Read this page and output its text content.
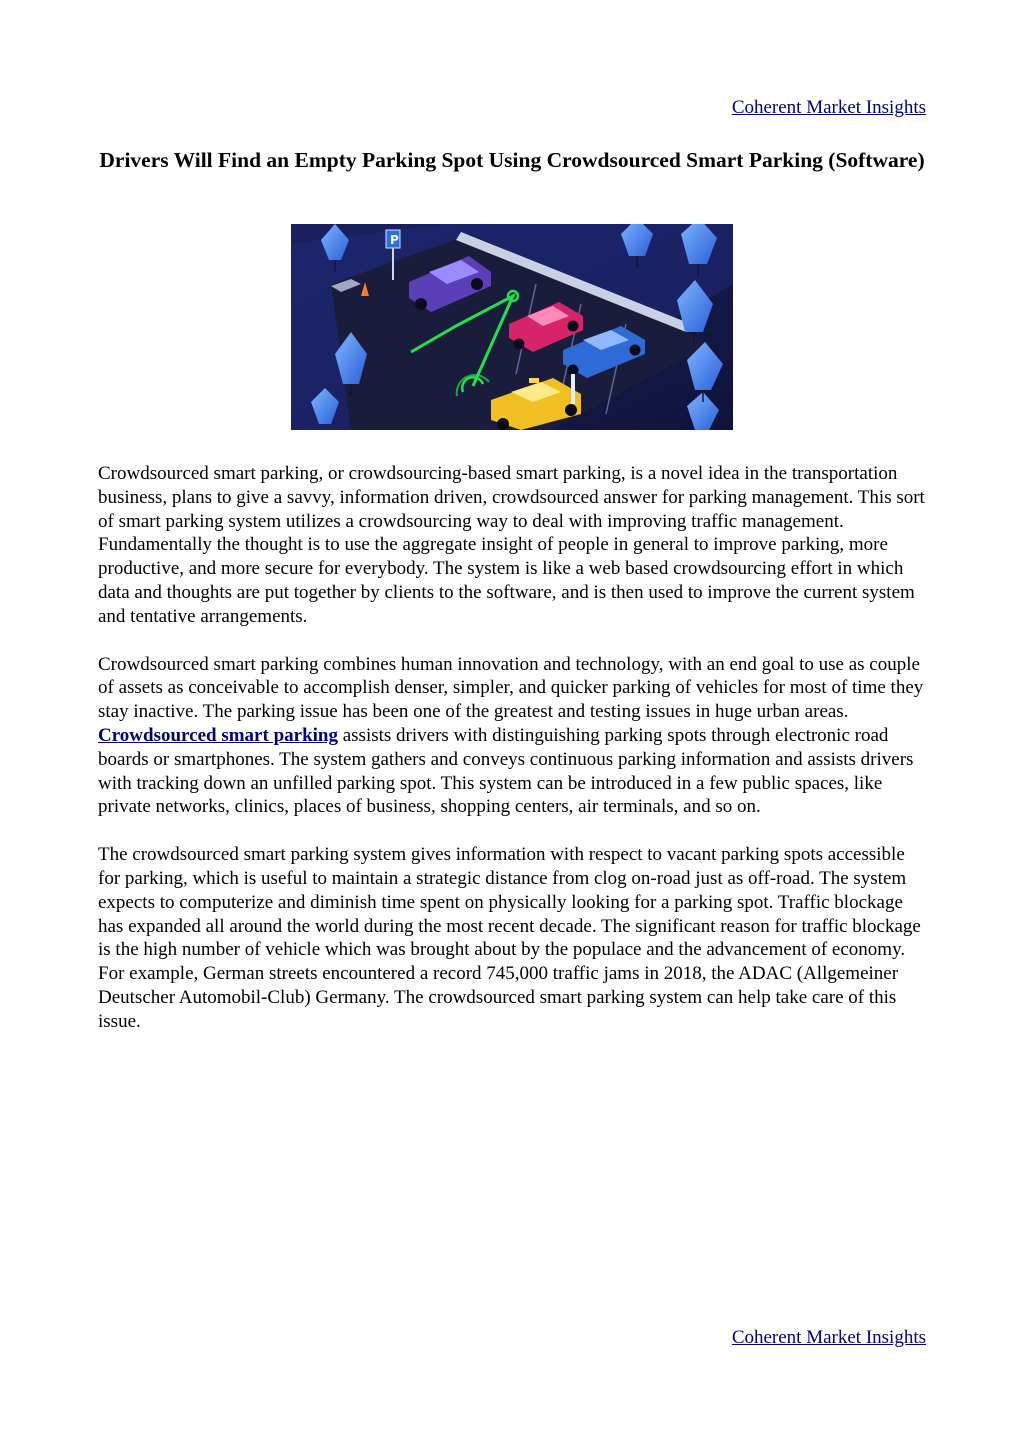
Coherent Market Insights
Drivers Will Find an Empty Parking Spot Using Crowdsourced Smart Parking (Software)
P

Crowdsourced smart parking, or crowdsourcing-based smart parking, is a novel idea in the transportation business, plans to give a savvy, information driven, crowdsourced answer for parking management. This sort of smart parking system utilizes a crowdsourcing way to deal with improving traffic management. Fundamentally the thought is to use the aggregate insight of people in general to improve parking, more productive, and more secure for everybody. The system is like a web based crowdsourcing effort in which data and thoughts are put together by clients to the software, and is then used to improve the current system and tentative arrangements.

Crowdsourced smart parking combines human innovation and technology, with an end goal to use as couple of assets as conceivable to accomplish denser, simpler, and quicker parking of vehicles for most of time they stay inactive. The parking issue has been one of the greatest and testing issues in huge urban areas. Crowdsourced smart parking assists drivers with distinguishing parking spots through electronic road boards or smartphones. The system gathers and conveys continuous parking information and assists drivers with tracking down an unfilled parking spot. This system can be introduced in a few public spaces, like private networks, clinics, places of business, shopping centers, air terminals, and so on.

The crowdsourced smart parking system gives information with respect to vacant parking spots accessible for parking, which is useful to maintain a strategic distance from clog on-road just as off-road. The system expects to computerize and diminish time spent on physically looking for a parking spot. Traffic blockage has expanded all around the world during the most recent decade. The significant reason for traffic blockage is the high number of vehicle which was brought about by the populace and the advancement of economy. For example, German streets encountered a record 745,000 traffic jams in 2018, the ADAC (Allgemeiner Deutscher Automobil-Club) Germany. The crowdsourced smart parking system can help take care of this issue.

Coherent Market Insights
